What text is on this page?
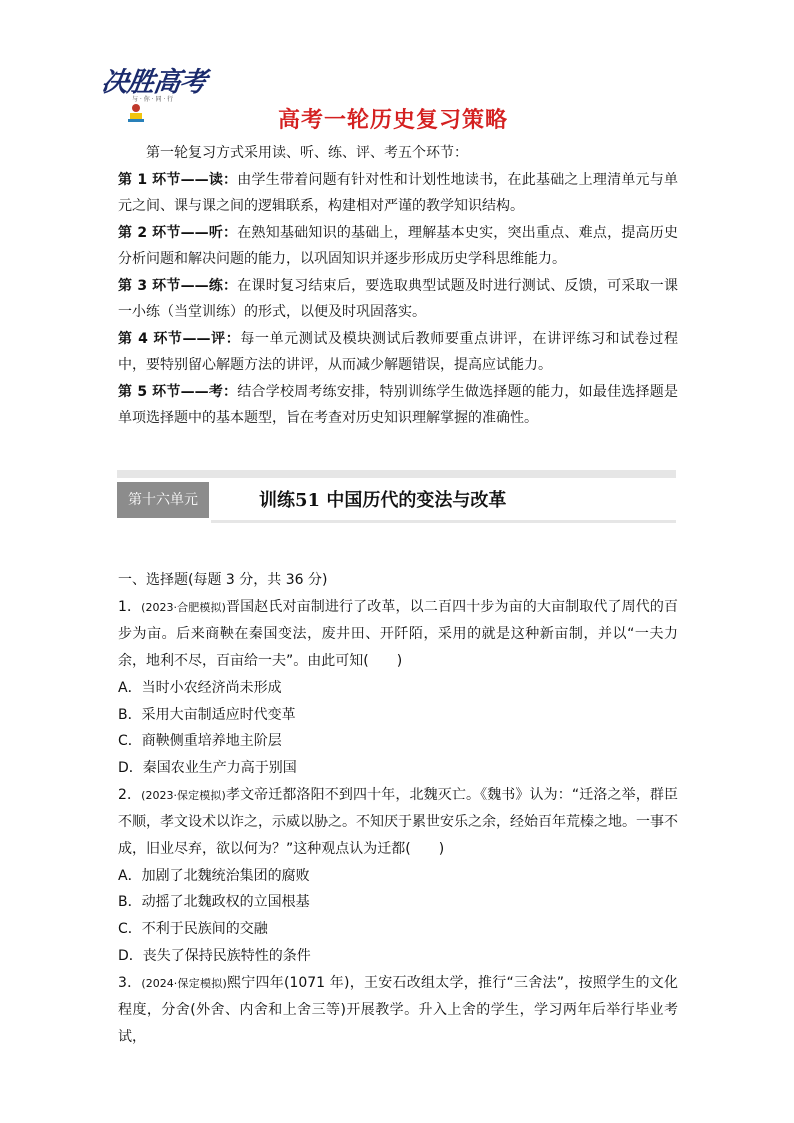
决胜高考
与 · 你 · 同 · 行
高考一轮历史复习策略

第一轮复习方式采用读、听、练、评、考五个环节：

第 1 环节——读：由学生带着问题有针对性和计划性地读书，在此基础之上理清单元与单元之间、课与课之间的逻辑联系，构建相对严谨的教学知识结构。

第 2 环节——听：在熟知基础知识的基础上，理解基本史实，突出重点、难点，提高历史分析问题和解决问题的能力，以巩固知识并逐步形成历史学科思维能力。

第 3 环节——练：在课时复习结束后，要选取典型试题及时进行测试、反馈，可采取一课一小练（当堂训练）的形式，以便及时巩固落实。

第 4 环节——评：每一单元测试及模块测试后教师要重点讲评，在讲评练习和试卷过程中，要特别留心解题方法的讲评，从而减少解题错误，提高应试能力。

第 5 环节——考：结合学校周考练安排，特别训练学生做选择题的能力，如最佳选择题是单项选择题中的基本题型，旨在考查对历史知识理解掌握的准确性。

第十六单元	训练51 中国历代的变法与改革

一、选择题(每题 3 分，共 36 分)

1．(2023·合肥模拟)晋国赵氏对亩制进行了改革，以二百四十步为亩的大亩制取代了周代的百步为亩。后来商鞅在秦国变法，废井田、开阡陌，采用的就是这种新亩制，并以“一夫力余，地利不尽，百亩给一夫”。由此可知(　　)

A．当时小农经济尚未形成

B．采用大亩制适应时代变革

C．商鞅侧重培养地主阶层

D．秦国农业生产力高于别国

2．(2023·保定模拟)孝文帝迁都洛阳不到四十年，北魏灭亡。《魏书》认为：“迁洛之举，群臣不顺，孝文设术以诈之，示威以胁之。不知厌于累世安乐之余，经始百年荒榛之地。一事不成，旧业尽弃，欲以何为？”这种观点认为迁都(　　)

A．加剧了北魏统治集团的腐败

B．动摇了北魏政权的立国根基

C．不利于民族间的交融

D．丧失了保持民族特性的条件

3．(2024·保定模拟)熙宁四年(1071 年)，王安石改组太学，推行“三舍法”，按照学生的文化程度，分舍(外舍、内舍和上舍三等)开展教学。升入上舍的学生，学习两年后举行毕业考试，
